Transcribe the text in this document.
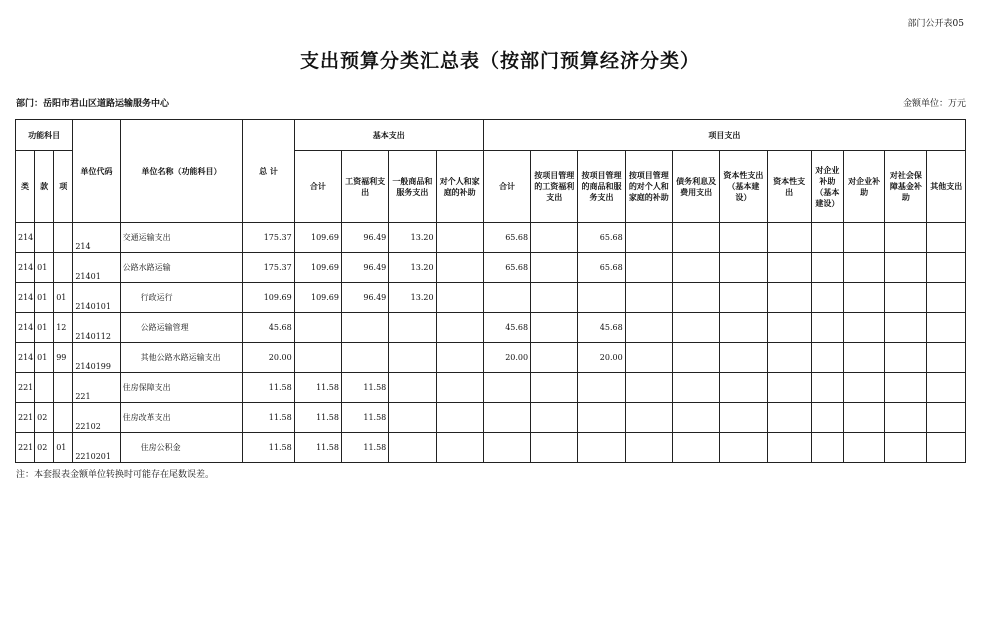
部门公开表05
支出预算分类汇总表（按部门预算经济分类）
部门：岳阳市君山区道路运输服务中心	金额单位：万元
功能科目			单位代码	单位名称（功能科目）	总 计	基本支出				项目支出										
类	款	项				合计	工资福利支出	一般商品和服务支出	对个人和家庭的补助	合计	按项目管理的工资福利支出	按项目管理的商品和服务支出	按项目管理的对个人和家庭的补助	债务利息及费用支出	资本性支出（基本建设）	资本性支出	对企业补助（基本建设）	对企业补助	对社会保障基金补助	其他支出
214			214	交通运输支出	175.37	109.69	96.49	13.20		65.68		65.68								
214	01		21401	公路水路运输	175.37	109.69	96.49	13.20		65.68		65.68								
214	01	01	2140101	行政运行	109.69	109.69	96.49	13.20												
214	01	12	2140112	公路运输管理	45.68					45.68		45.68								
214	01	99	2140199	其他公路水路运输支出	20.00					20.00		20.00								
221			221	住房保障支出	11.58	11.58	11.58													
221	02		22102	住房改革支出	11.58	11.58	11.58													
221	02	01	2210201	住房公积金	11.58	11.58	11.58													
注：本套报表金额单位转换时可能存在尾数误差。
